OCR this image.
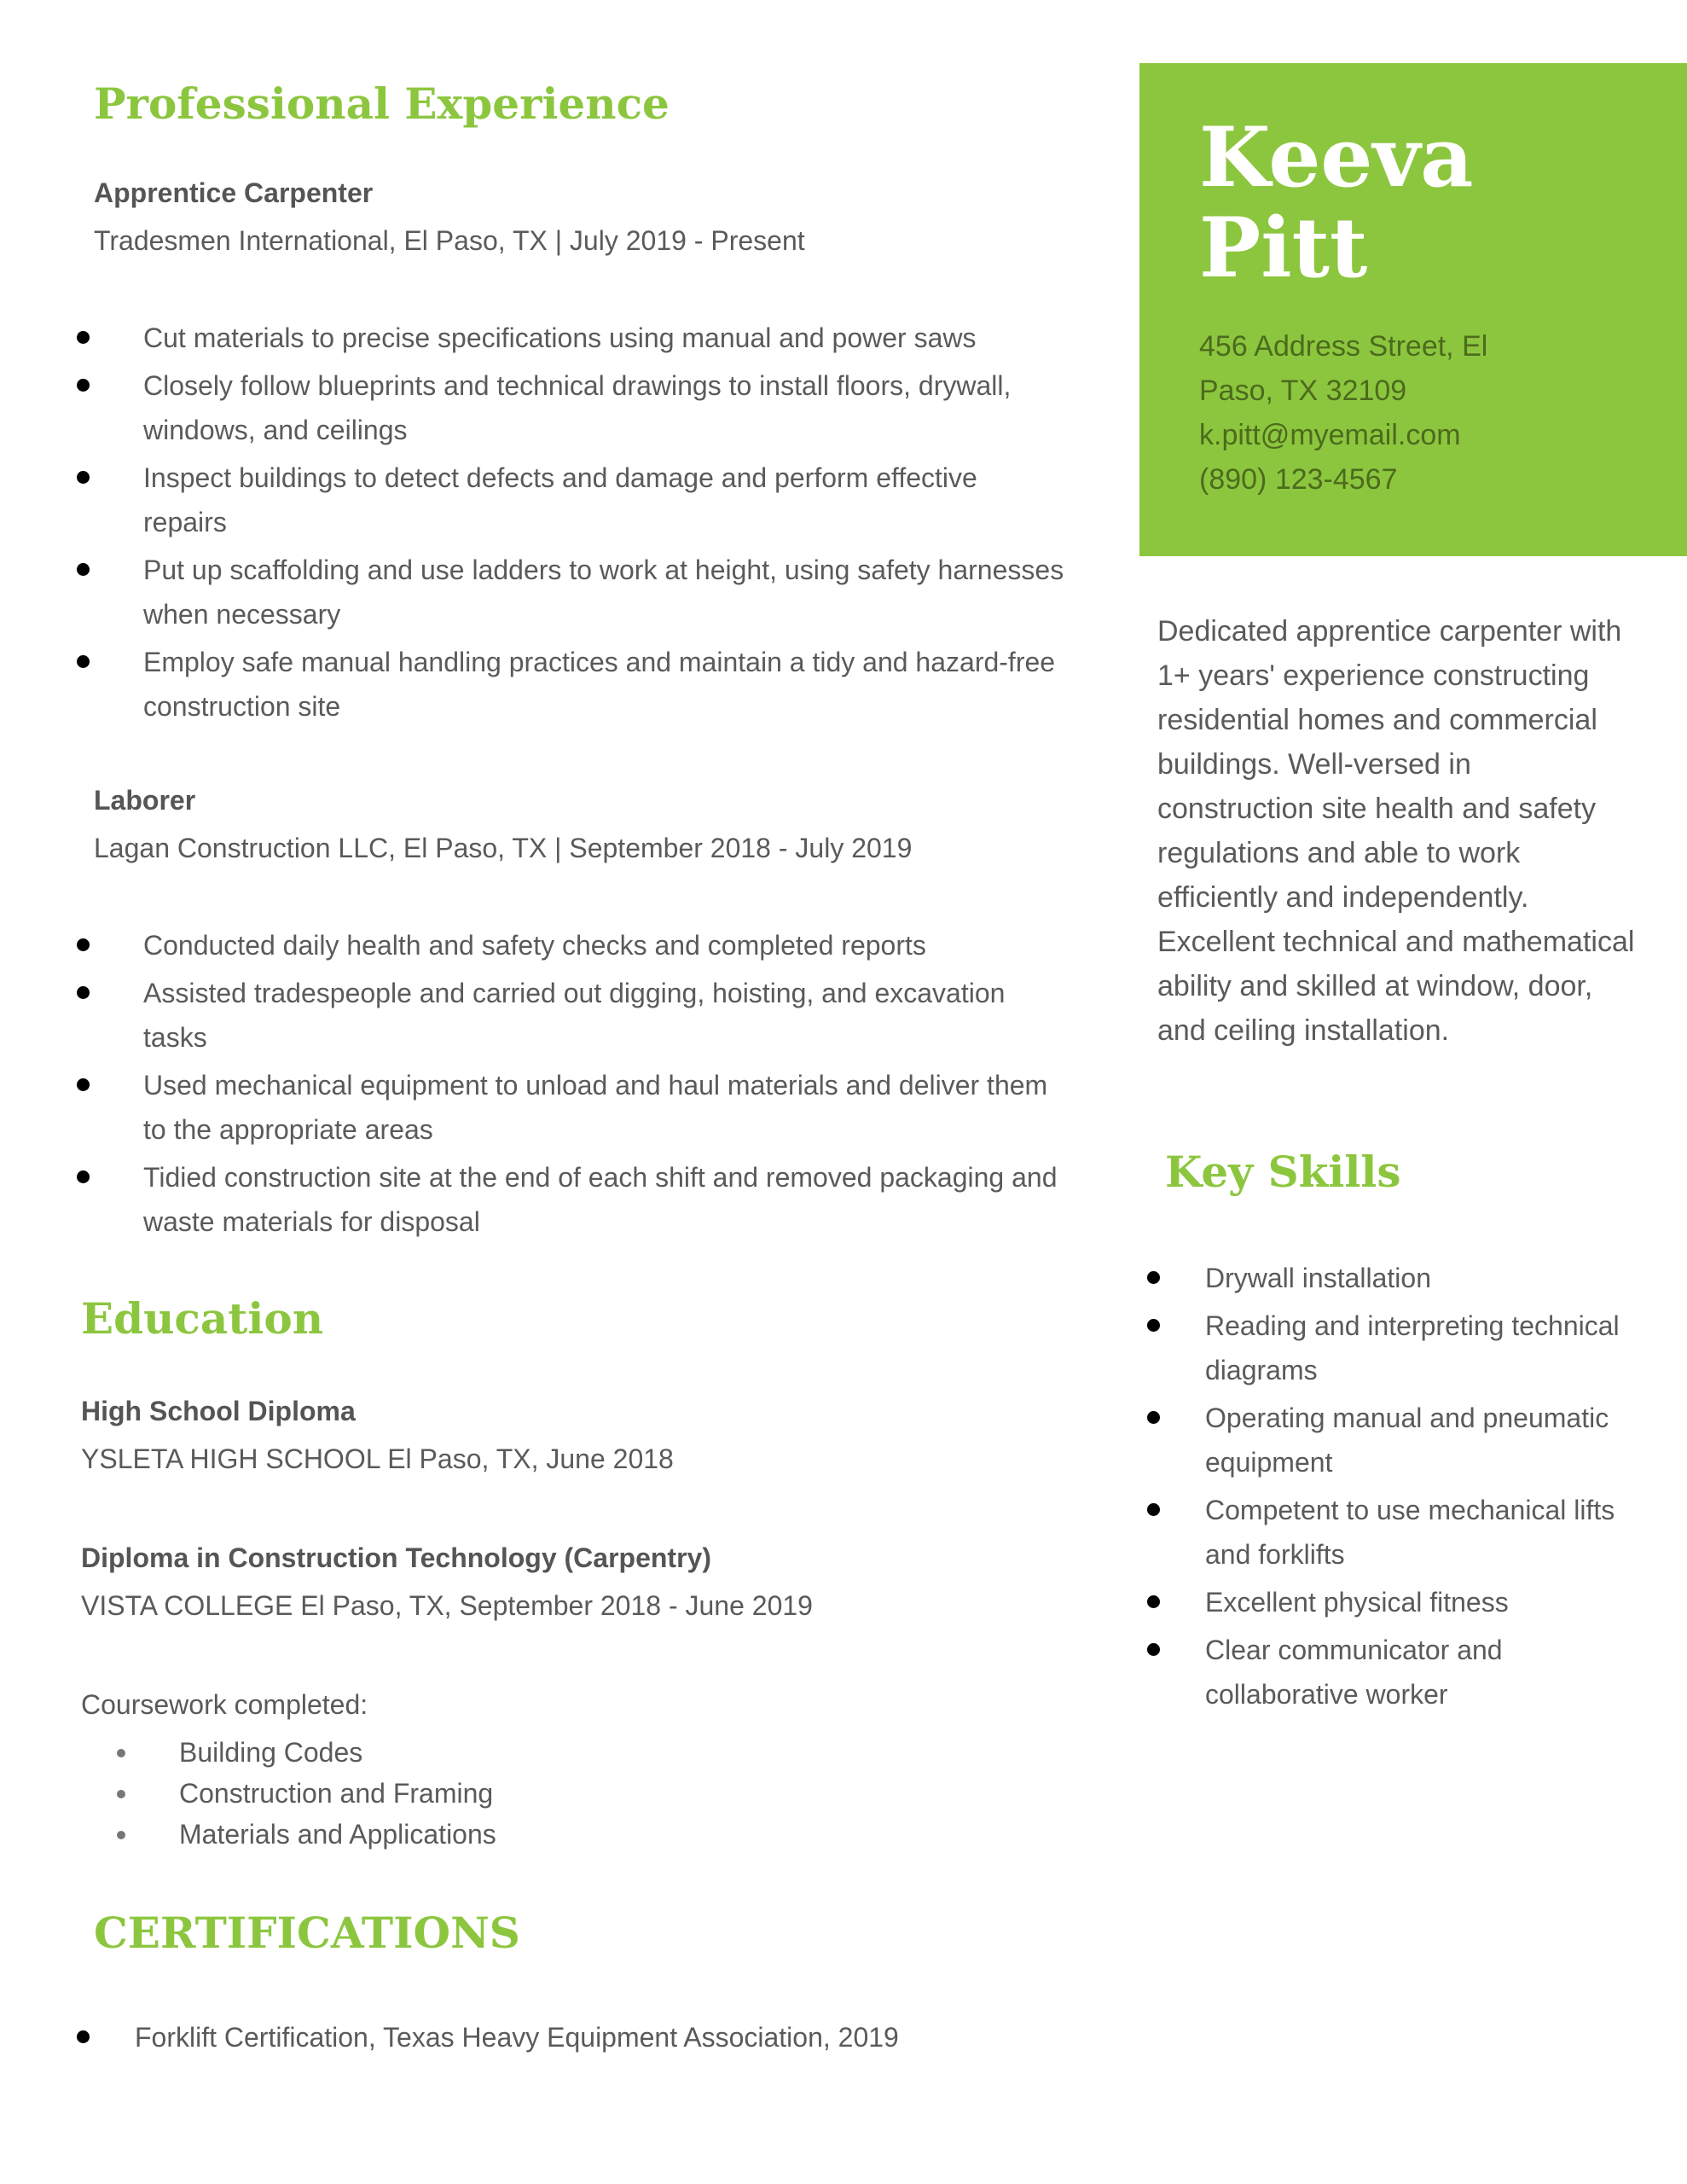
Professional Experience
Apprentice Carpenter
Tradesmen International, El Paso, TX | July 2019 - Present
Cut materials to precise specifications using manual and power saws
Closely follow blueprints and technical drawings to install floors, drywall, windows, and ceilings
Inspect buildings to detect defects and damage and perform effective repairs
Put up scaffolding and use ladders to work at height, using safety harnesses when necessary
Employ safe manual handling practices and maintain a tidy and hazard-free construction site
Laborer
Lagan Construction LLC, El Paso, TX | September 2018 - July 2019
Conducted daily health and safety checks and completed reports
Assisted tradespeople and carried out digging, hoisting, and excavation tasks
Used mechanical equipment to unload and haul materials and deliver them to the appropriate areas
Tidied construction site at the end of each shift and removed packaging and waste materials for disposal
Education
High School Diploma
YSLETA HIGH SCHOOL El Paso, TX, June 2018
Diploma in Construction Technology (Carpentry)
VISTA COLLEGE El Paso, TX, September 2018 - June 2019
Coursework completed:
Building Codes
Construction and Framing
Materials and Applications
CERTIFICATIONS
Forklift Certification, Texas Heavy Equipment Association, 2019
Keeva
Pitt
456 Address Street, El
Paso, TX 32109
k.pitt@myemail.com
(890) 123-4567
Dedicated apprentice carpenter with 1+ years' experience constructing residential homes and commercial buildings. Well-versed in construction site health and safety regulations and able to work efficiently and independently. Excellent technical and mathematical ability and skilled at window, door, and ceiling installation.
Key Skills
Drywall installation
Reading and interpreting technical diagrams
Operating manual and pneumatic equipment
Competent to use mechanical lifts and forklifts
Excellent physical fitness
Clear communicator and collaborative worker
